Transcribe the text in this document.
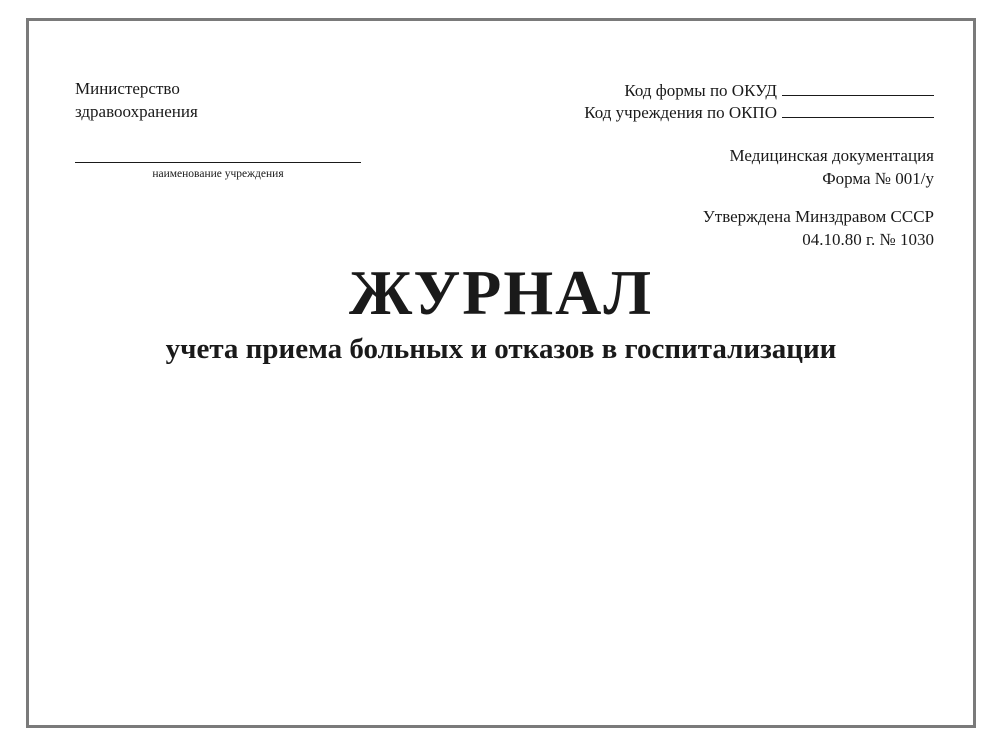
Министерство
здравоохранения
наименование учреждения
Код формы по ОКУД
Код учреждения по ОКПО
Медицинская документация
Форма № 001/у
Утверждена Минздравом СССР
04.10.80 г. № 1030
ЖУРНАЛ
учета приема больных и отказов в госпитализации
